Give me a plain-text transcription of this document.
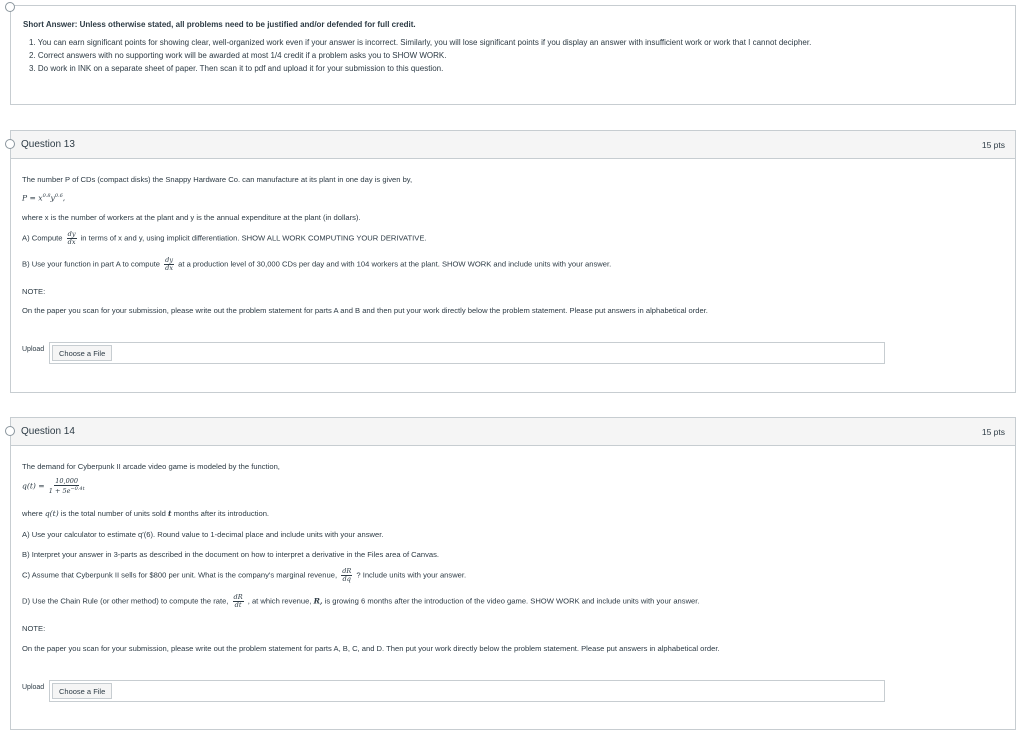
Short Answer: Unless otherwise stated, all problems need to be justified and/or defended for full credit.
1. You can earn significant points for showing clear, well-organized work even if your answer is incorrect. Similarly, you will lose significant points if you display an answer with insufficient work or work that I cannot decipher.
2. Correct answers with no supporting work will be awarded at most 1/4 credit if a problem asks you to SHOW WORK.
3. Do work in INK on a separate sheet of paper. Then scan it to pdf and upload it for your submission to this question.
Question 13	15 pts
The number P of CDs (compact disks) the Snappy Hardware Co. can manufacture at its plant in one day is given by,
$P = x^{0.8}y^{0.6}$,
where x is the number of workers at the plant and y is the annual expenditure at the plant (in dollars).
A) Compute $\frac{dy}{dx}$ in terms of x and y, using implicit differentiation. SHOW ALL WORK COMPUTING YOUR DERIVATIVE.
B) Use your function in part A to compute $\frac{dy}{dx}$ at a production level of 30,000 CDs per day and with 104 workers at the plant. SHOW WORK and include units with your answer.
NOTE:
On the paper you scan for your submission, please write out the problem statement for parts A and B and then put your work directly below the problem statement. Please put answers in alphabetical order.
Upload	Choose a File
Question 14	15 pts
The demand for Cyberpunk II arcade video game is modeled by the function,
$q(t) = \frac{10,000}{1 + 5e^{-0.4t}}$
where q(t) is the total number of units sold t months after its introduction.
A) Use your calculator to estimate q′(6). Round value to 1-decimal place and include units with your answer.
B) Interpret your answer in 3-parts as described in the document on how to interpret a derivative in the Files area of Canvas.
C) Assume that Cyberpunk II sells for $800 per unit. What is the company's marginal revenue, $\frac{dR}{dq}$ ? Include units with your answer.
D) Use the Chain Rule (or other method) to compute the rate, $\frac{dR}{dt}$ , at which revenue, R, is growing 6 months after the introduction of the video game. SHOW WORK and include units with your answer.
NOTE:
On the paper you scan for your submission, please write out the problem statement for parts A, B, C, and D. Then put your work directly below the problem statement. Please put answers in alphabetical order.
Upload	Choose a File
